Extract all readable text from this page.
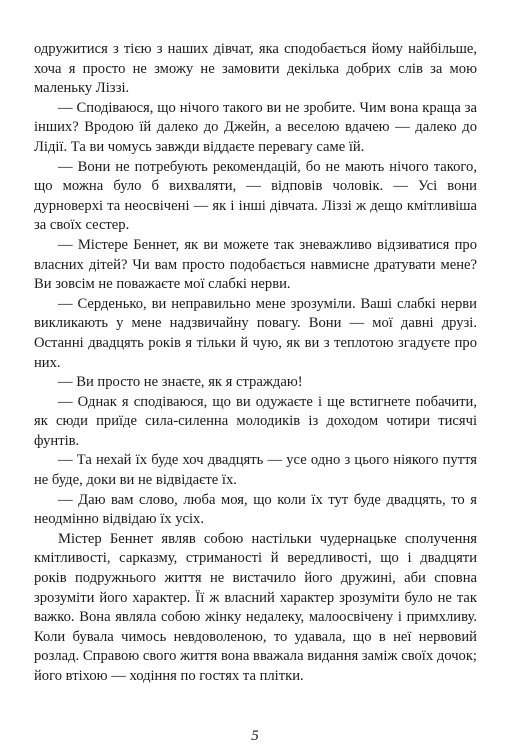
одружитися з тією з наших дівчат, яка сподобається йому найбільше, хоча я просто не зможу не замовити декілька добрих слів за мою маленьку Ліззі.

— Сподіваюся, що нічого такого ви не зробите. Чим вона краща за інших? Вродою їй далеко до Джейн, а веселою вдачею — далеко до Лідії. Та ви чомусь завжди віддаєте перевагу саме їй.

— Вони не потребують рекомендацій, бо не мають нічого такого, що можна було б вихваляти, — відповів чоловік. — Усі вони дурноверхі та неосвічені — як і інші дівчата. Ліззі ж дещо кмітливіша за своїх сестер.

— Містере Беннет, як ви можете так зневажливо відзиватися про власних дітей? Чи вам просто подобається навмисне дратувати мене? Ви зовсім не поважаєте мої слабкі нерви.

— Серденько, ви неправильно мене зрозуміли. Ваші слабкі нерви викликають у мене надзвичайну повагу. Вони — мої давні друзі. Останні двадцять років я тільки й чую, як ви з теплотою згадуєте про них.

— Ви просто не знаєте, як я страждаю!

— Однак я сподіваюся, що ви одужаєте і ще встигнете побачити, як сюди приїде сила-силенна молодиків із доходом чотири тисячі фунтів.

— Та нехай їх буде хоч двадцять — усе одно з цього ніякого пуття не буде, доки ви не відвідаєте їх.

— Даю вам слово, люба моя, що коли їх тут буде двадцять, то я неодмінно відвідаю їх усіх.

Містер Беннет являв собою настільки чудернацьке сполучення кмітливості, сарказму, стриманості й вередливості, що і двадцяти років подружнього життя не вистачило його дружині, аби сповна зрозуміти його характер. Її ж власний характер зрозуміти було не так важко. Вона являла собою жінку недалеку, малоосвічену і примхливу. Коли бувала чимось невдоволеною, то удавала, що в неї нервовий розлад. Справою свого життя вона вважала видання заміж своїх дочок; його втіхою — ходіння по гостях та плітки.

5
